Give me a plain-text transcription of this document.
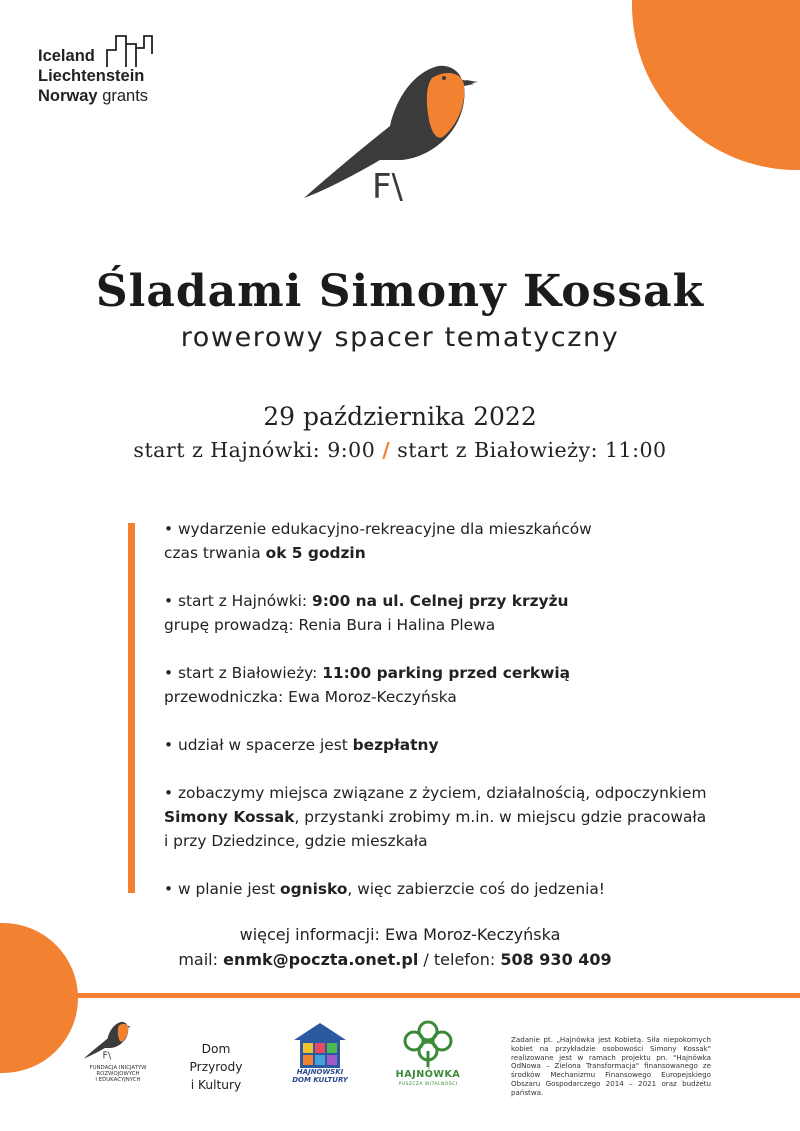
Iceland
Liechtenstein
Norway grants
F\
Śladami Simony Kossak
rowerowy spacer tematyczny
29 października 2022
start z Hajnówki: 9:00 / start z Białowieży: 11:00

• wydarzenie edukacyjno-rekreacyjne dla mieszkańców

czas trwania ok 5 godzin

• start z Hajnówki: 9:00 na ul. Celnej przy krzyżu

grupę prowadzą: Renia Bura i Halina Plewa

• start z Białowieży: 11:00 parking przed cerkwią

przewodniczka: Ewa Moroz-Keczyńska

• udział w spacerze jest bezpłatny

• zobaczymy miejsca związane z życiem, działalnością, odpoczynkiem

Simony Kossak, przystanki zrobimy m.in. w miejscu gdzie pracowała

i przy Dziedzince, gdzie mieszkała

• w planie jest ognisko, więc zabierzcie coś do jedzenia!

więcej informacji: Ewa Moroz-Keczyńska
mail: enmk@poczta.onet.pl / telefon: 508 930 409
F\
FUNDACJA INICJATYW
ROZWOJOWYCH
I EDUKACYJNYCH
Dom
Przyrody
i Kultury
HAJNOWSKI
DOM KULTURY	HAJNÓWKA
PUSZCZA WITALNOŚCI
Zadanie pt. „Hajnówka jest Kobietą. Siła niepokornych kobiet na przykładzie osobowości Simony Kossak" realizowane jest w ramach projektu pn. "Hajnówka OdNowa – Zielona Transformacja" finansowanego ze środków Mechanizmu Finansowego Europejskiego Obszaru Gospodarczego 2014 – 2021 oraz budżetu państwa.
